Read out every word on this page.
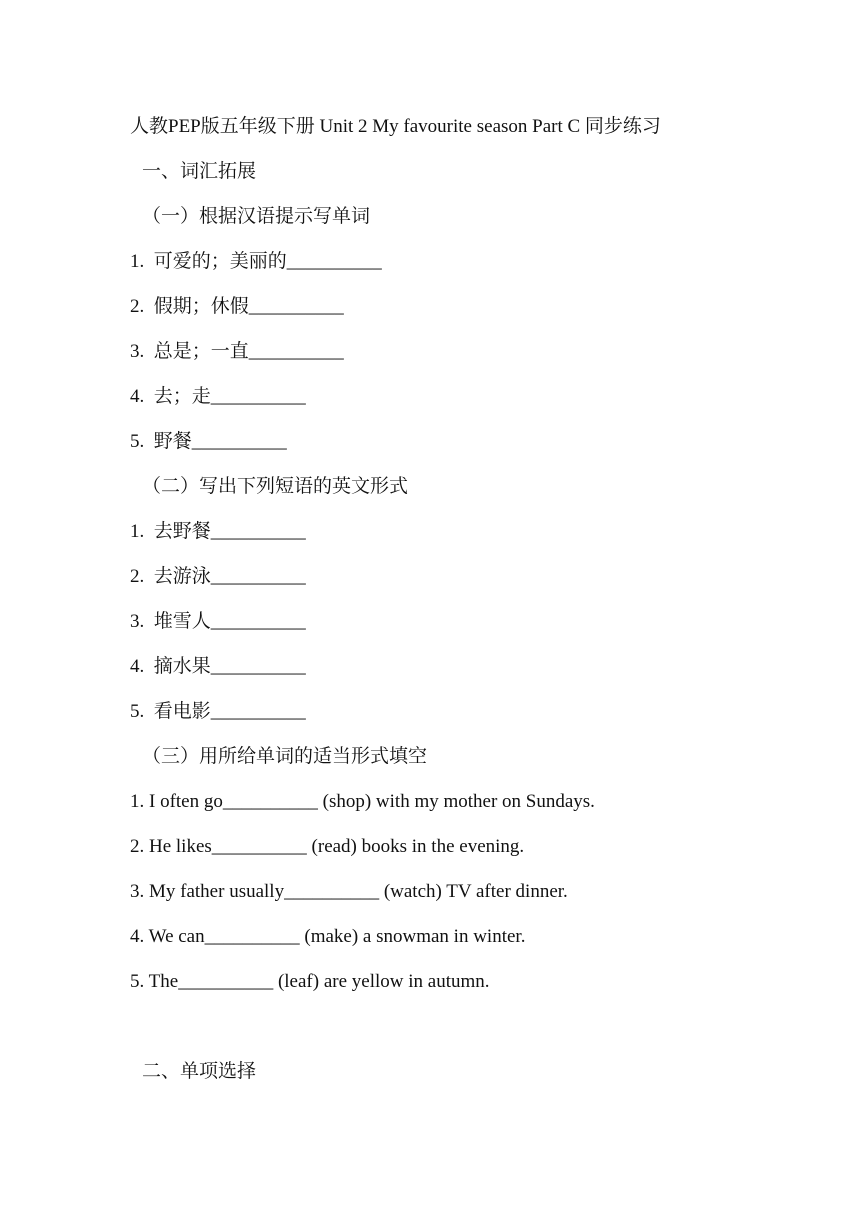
人教PEP版五年级下册 Unit 2 My favourite season Part C 同步练习
一、词汇拓展
（一）根据汉语提示写单词
1.  可爱的；美丽的__________
2.  假期；休假__________
3.  总是；一直__________
4.  去；走__________
5.  野餐__________
（二）写出下列短语的英文形式
1.  去野餐__________
2.  去游泳__________
3.  堆雪人__________
4.  摘水果__________
5.  看电影__________
（三）用所给单词的适当形式填空
1. I often go__________ (shop) with my mother on Sundays.
2. He likes__________ (read) books in the evening.
3. My father usually__________ (watch) TV after dinner.
4. We can__________ (make) a snowman in winter.
5. The__________ (leaf) are yellow in autumn.
二、单项选择
